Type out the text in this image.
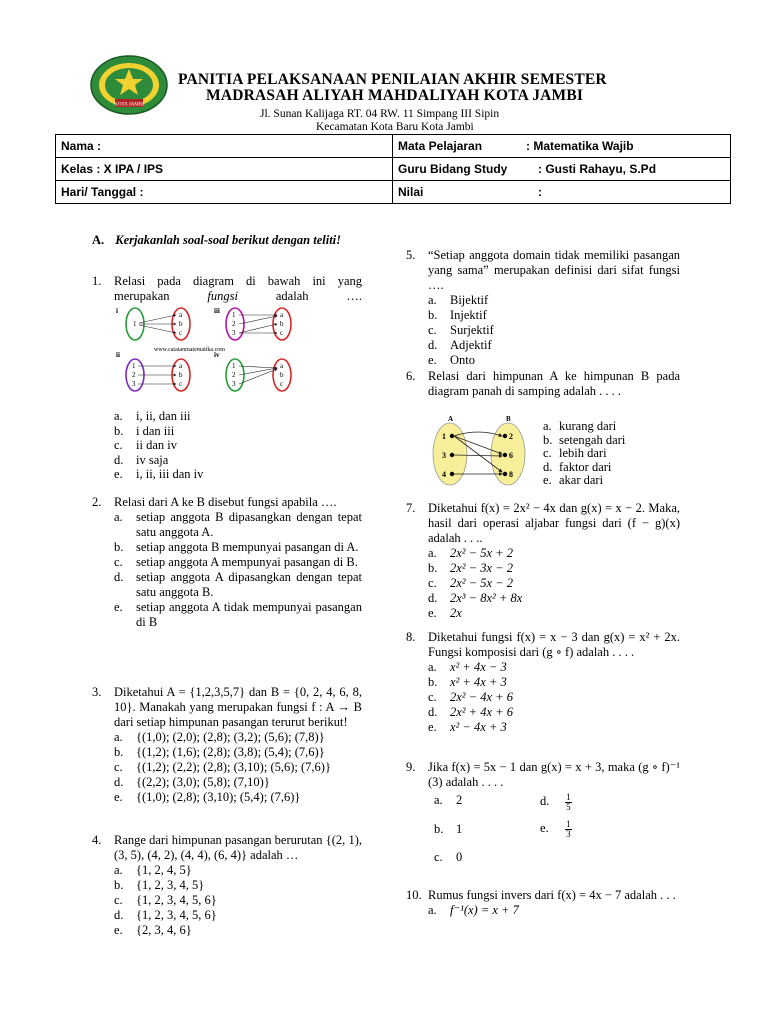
KOTA JAMBI
PANITIA PELAKSANAAN PENILAIAN AKHIR SEMESTER
MADRASAH ALIYAH MAHDALIYAH KOTA JAMBI
Jl. Sunan Kalijaga RT. 04 RW. 11 Simpang III Sipin
Kecamatan Kota Baru Kota Jambi
Nama :	Mata Pelajaran : Matematika Wajib
Kelas : X IPA / IPS	Guru Bidang Study : Gusti Rahayu, S.Pd
Hari/ Tanggal :	Nilai :
A. Kerjakanlah soal-soal berikut dengan teliti!
1. Relasi pada diagram di bawah ini yang merupakan	fungsi	adalah ….
i
1
a
b
c
iii 1
2
3
a
b
c
www.catatanmatematika.com
ii
1
2
3
a
b
c
iv
1
2
3
a
b
c
a. i, ii, dan iii
b. i dan iii
c. ii dan iv
d. iv saja
e. i, ii, iii dan iv
2. Relasi dari A ke B disebut fungsi apabila ….
a. setiap anggota B dipasangkan dengan tepat satu anggota A.
b. setiap anggota B mempunyai pasangan di A.
c. setiap anggota A mempunyai pasangan di B.
d. setiap anggota A dipasangkan dengan tepat satu anggota B.
e. setiap anggota A tidak mempunyai pasangan di B
3. Diketahui A = {1,2,3,5,7} dan B = {0, 2, 4, 6, 8, 10}. Manakah yang merupakan fungsi f : A → B dari setiap himpunan pasangan terurut berikut!
a. {(1,0); (2,0); (2,8); (3,2); (5,6); (7,8)}
b. {(1,2); (1,6); (2,8); (3,8); (5,4); (7,6)}
c. {(1,2); (2,2); (2,8); (3,10); (5,6); (7,6)}
d. {(2,2); (3,0); (5,8); (7,10)}
e. {(1,0); (2,8); (3,10); (5,4); (7,6)}
4. Range dari himpunan pasangan berurutan {(2, 1), (3, 5), (4, 2), (4, 4), (6, 4)} adalah …
a. {1, 2, 4, 5}
b. {1, 2, 3, 4, 5}
c. {1, 2, 3, 4, 5, 6}
d. {1, 2, 3, 4, 5, 6}
e. {2, 3, 4, 6}
5. “Setiap anggota domain tidak memiliki pasangan yang sama” merupakan definisi dari sifat fungsi ….
a. Bijektif
b. Injektif
c. Surjektif
d. Adjektif
e. Onto
6. Relasi dari himpunan A ke himpunan B pada diagram panah di samping adalah . . . .
A	B
1
3
4
2
6
8
a. kurang dari
b. setengah dari
c. lebih dari
d. faktor dari
e. akar dari
7. Diketahui f(x) = 2x² − 4x dan g(x) = x − 2. Maka, hasil dari operasi aljabar fungsi dari (f − g)(x) adalah . . ..
a. 2x² − 5x + 2
b. 2x² − 3x − 2
c. 2x² − 5x − 2
d. 2x³ − 8x² + 8x
e. 2x
8. Diketahui fungsi f(x) = x − 3 dan g(x) = x² + 2x. Fungsi komposisi dari (g ∘ f) adalah . . . .
a. x² + 4x − 3
b. x² + 4x + 3
c. 2x² − 4x + 6
d. 2x² + 4x + 6
e. x² − 4x + 3
9. Jika f(x) = 5x − 1 dan g(x) = x + 3, maka (g ∘ f)⁻¹ (3) adalah . . . .
a. 2
b. 1
c. 0
d. $\frac{1}{5}$
e. $\frac{1}{3}$
10. Rumus fungsi invers dari f(x) = 4x − 7 adalah . . .
a. f⁻¹(x) = x + 7
